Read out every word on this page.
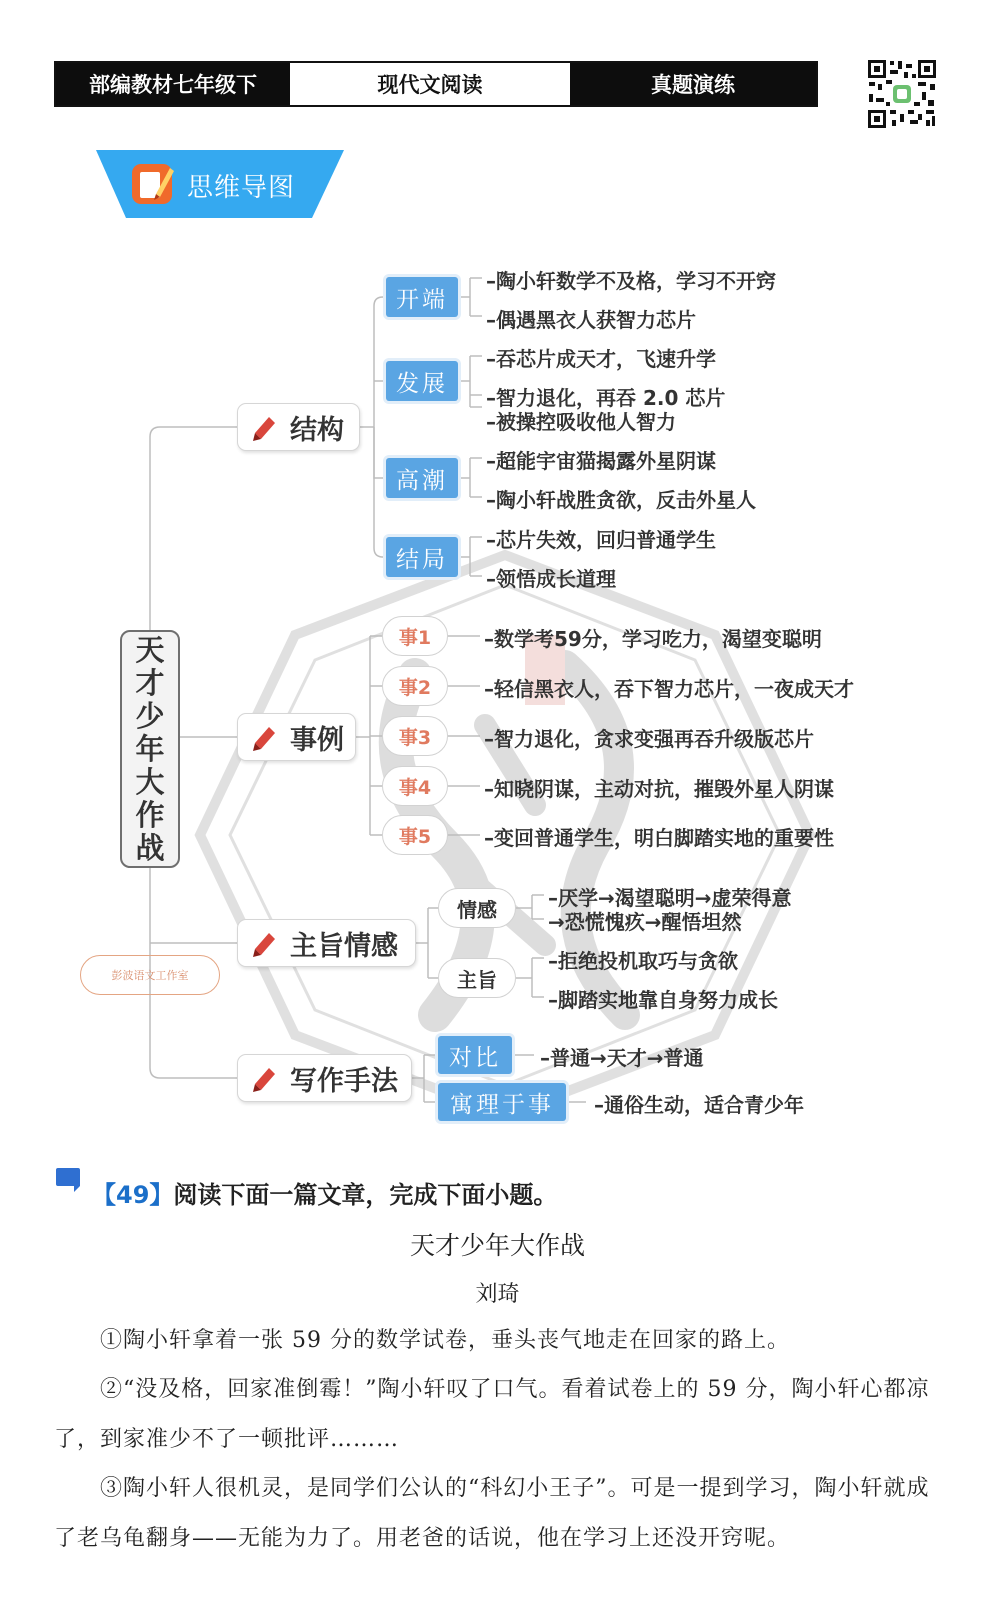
部编教材七年级下	现代文阅读	真题演练
思维导图
天才少年大作战
彭波语文工作室
结构
开端
–陶小轩数学不及格，学习不开窍
–偶遇黑衣人获智力芯片
发展
–吞芯片成天才，飞速升学
–智力退化，再吞 2.0 芯片
–被操控吸收他人智力
高潮
–超能宇宙猫揭露外星阴谋
–陶小轩战胜贪欲，反击外星人
结局
–芯片失效，回归普通学生
–领悟成长道理
事例
事1	–数学考59分，学习吃力，渴望变聪明
事2	–轻信黑衣人，吞下智力芯片，一夜成天才
事3	–智力退化，贪求变强再吞升级版芯片
事4	–知晓阴谋，主动对抗，摧毁外星人阴谋
事5	–变回普通学生，明白脚踏实地的重要性
主旨情感
情感	–厌学→渴望聪明→虚荣得意
→恐慌愧疚→醒悟坦然
主旨
–拒绝投机取巧与贪欲
–脚踏实地靠自身努力成长
写作手法
对比	–普通→天才→普通
寓理于事	–通俗生动，适合青少年
【49】阅读下面一篇文章，完成下面小题。
天才少年大作战
刘琦
①陶小轩拿着一张 59 分的数学试卷，垂头丧气地走在回家的路上。
②“没及格，回家准倒霉！”陶小轩叹了口气。看着试卷上的 59 分，陶小轩心都凉了，到家准少不了一顿批评………
③陶小轩人很机灵，是同学们公认的“科幻小王子”。可是一提到学习，陶小轩就成了老乌龟翻身——无能为力了。用老爸的话说，他在学习上还没开窍呢。
